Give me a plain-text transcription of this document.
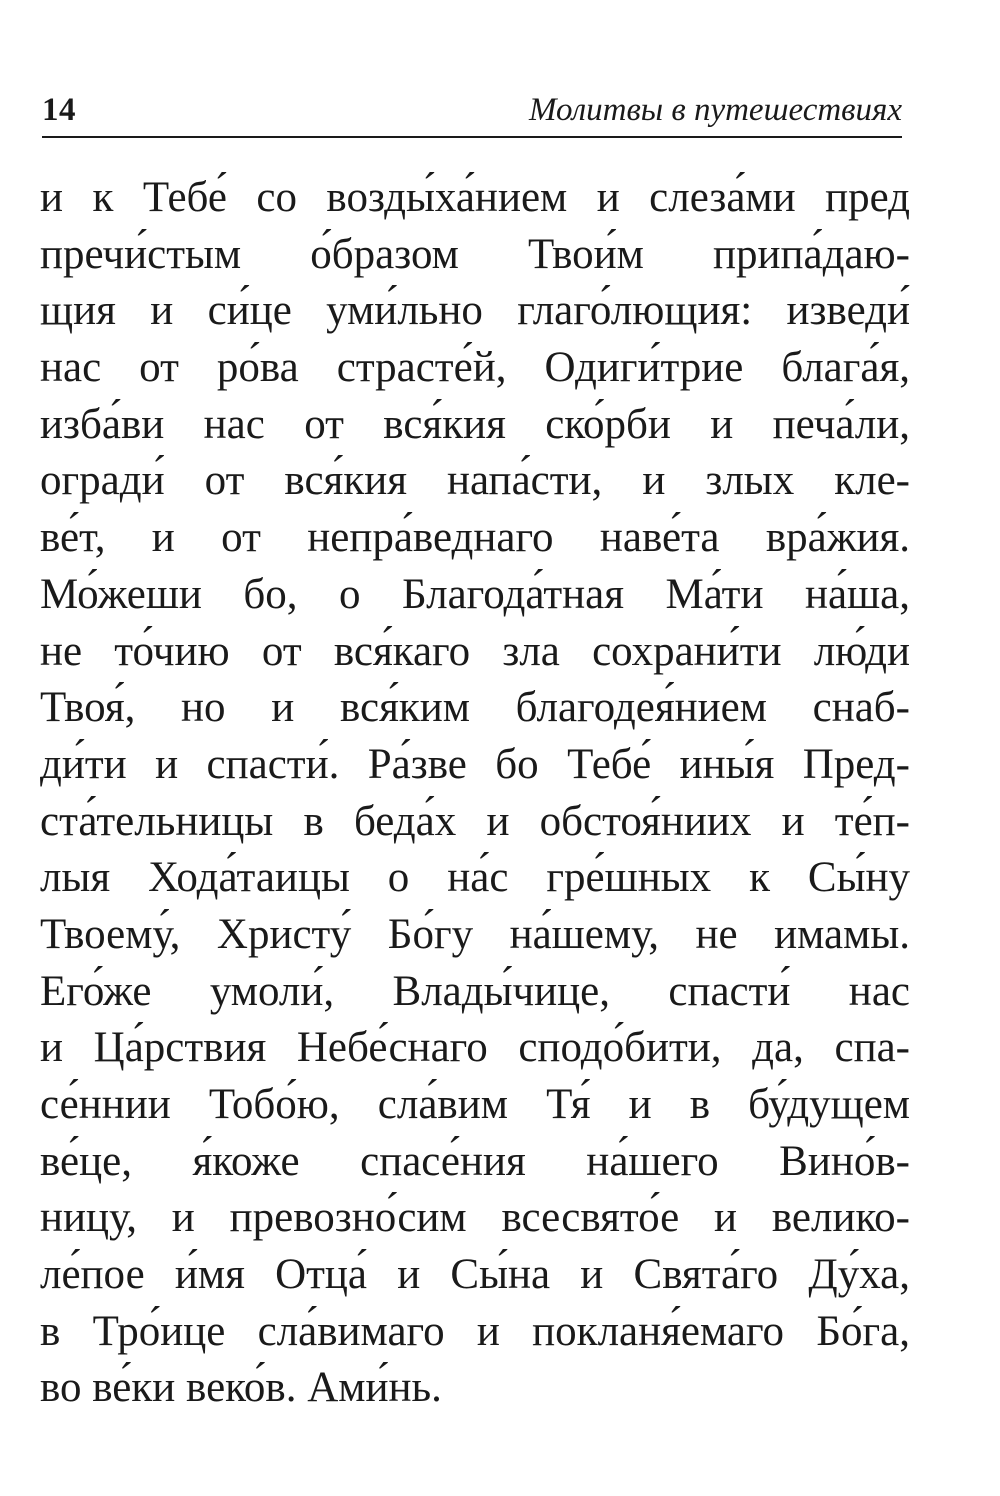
14	Молитвы в путешествиях
и к Тебе́ со возды́ха́нием и слеза́ми пред
пречи́стым о́бразом Твои́м припа́даю-
щия и си́це уми́льно глаго́лющия: изведи́
нас от ро́ва страсте́й, Одиги́трие блага́я,
изба́ви нас от вся́кия ско́рби и печа́ли,
огради́ от вся́кия напа́сти, и злых кле-
ве́т, и от непра́веднаго наве́та вра́жия.
Мо́жеши бо, о Благода́тная Ма́ти на́ша,
не то́чию от вся́каго зла сохрани́ти лю́ди
Твоя́, но и вся́ким благодея́нием снаб-
ди́ти и спасти́. Ра́зве бо Тебе́ ины́я Пред-
ста́тельницы в беда́х и обстоя́ниих и те́п-
лыя Хода́таицы о на́с гре́шных к Сы́ну
Твоему́, Христу́ Бо́гу на́шему, не имамы.
Его́же умоли́, Влады́чице, спасти́ нас
и Ца́рствия Небе́снаго сподо́бити, да, спа-
се́ннии Тобо́ю, сла́вим Тя́ и в бу́дущем
ве́це, я́коже спасе́ния на́шего Вино́в-
ницу, и превозно́сим всесвято́е и велико-
ле́пое и́мя Отца́ и Сы́на и Свята́го Ду́ха,
в Тро́ице сла́вимаго и покланя́емаго Бо́га,
во ве́ки веко́в. Ами́нь.
